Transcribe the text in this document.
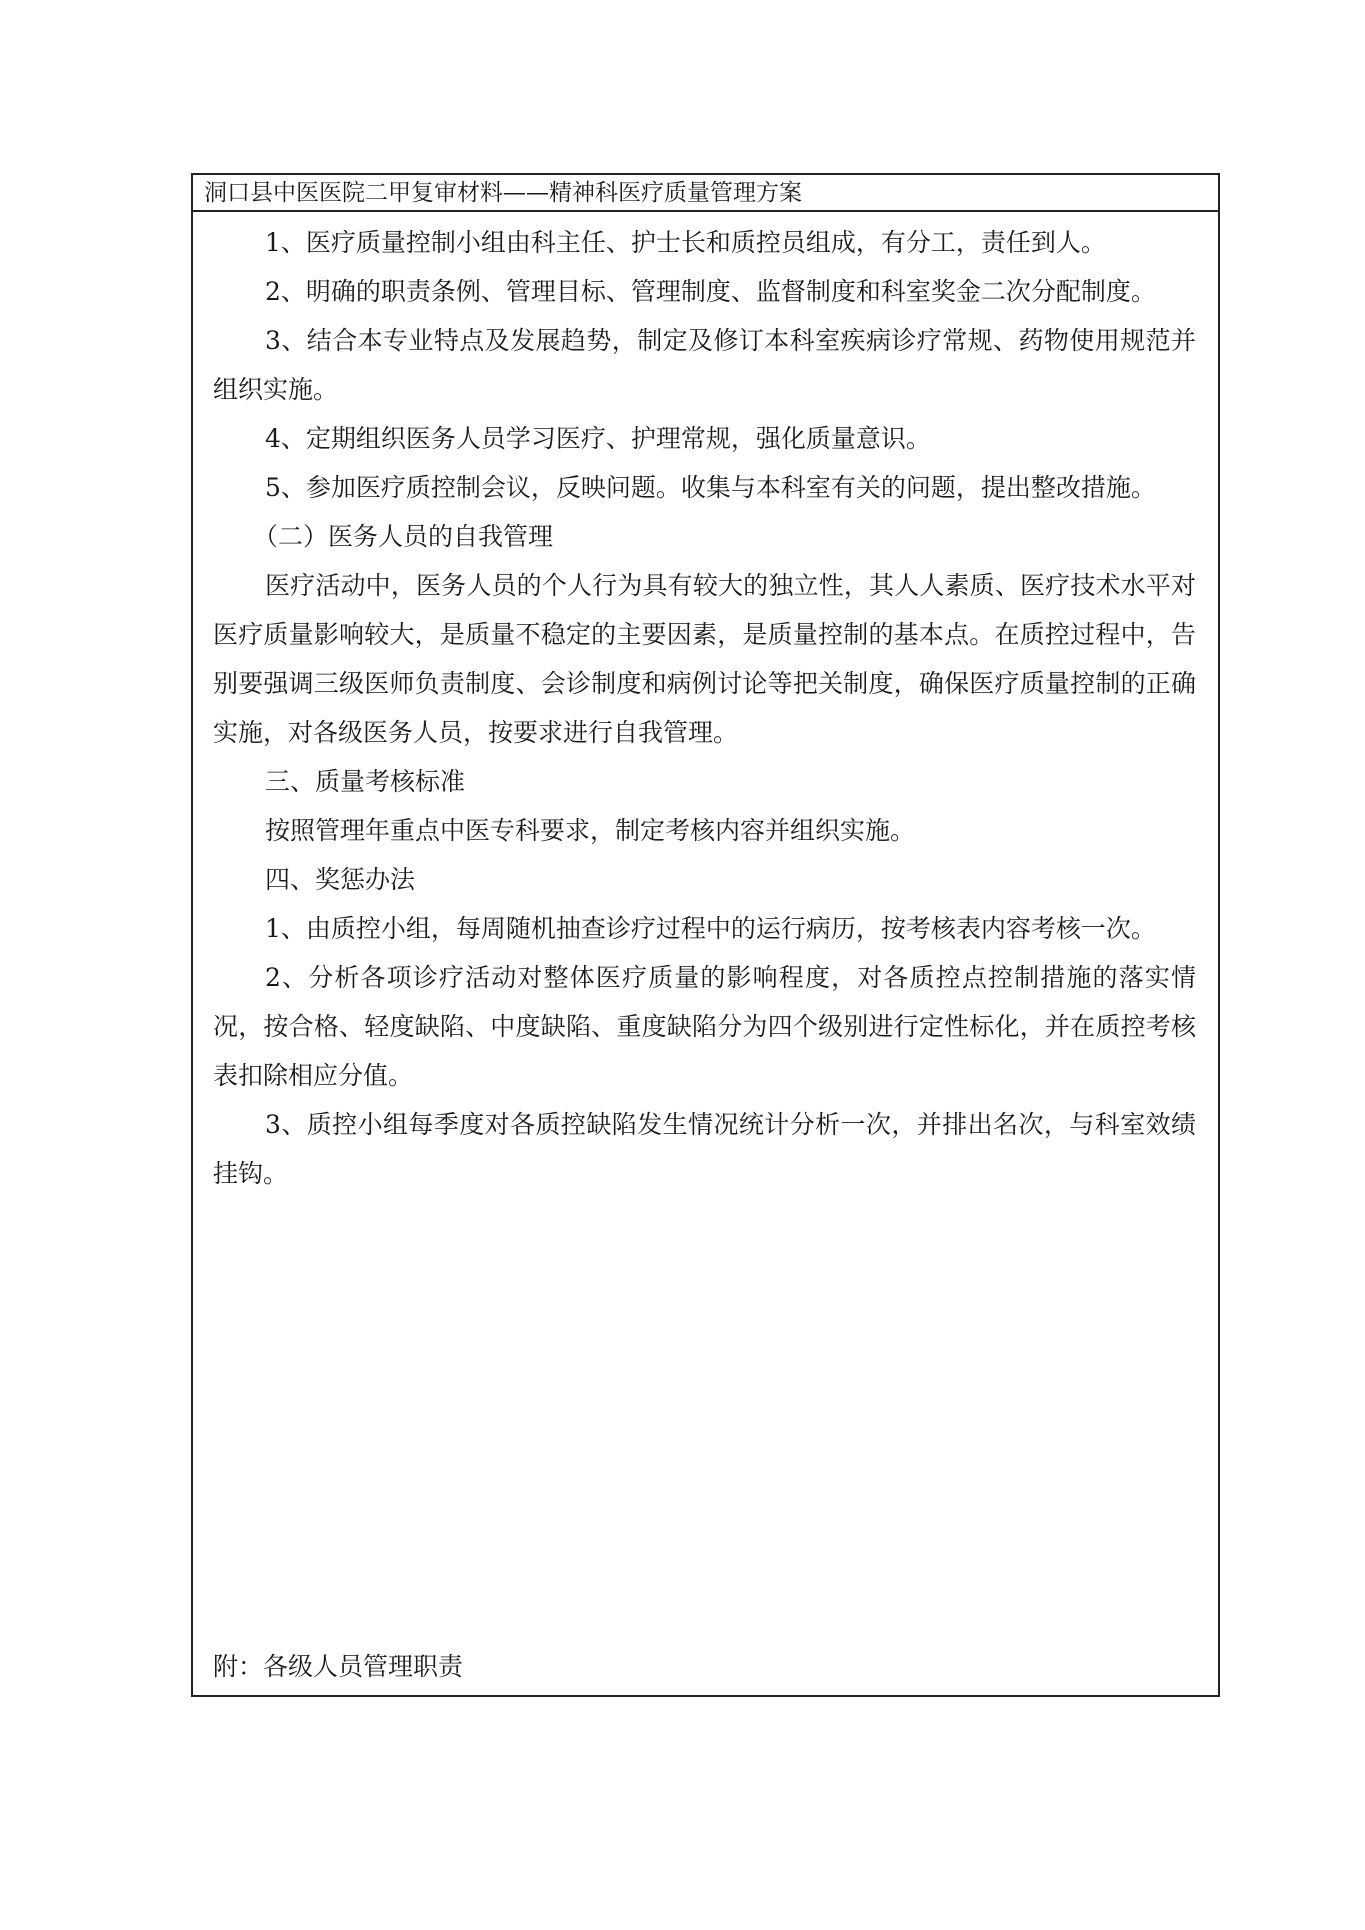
洞口县中医医院二甲复审材料——精神科医疗质量管理方案

1、医疗质量控制小组由科主任、护士长和质控员组成，有分工，责任到人。

2、明确的职责条例、管理目标、管理制度、监督制度和科室奖金二次分配制度。

3、结合本专业特点及发展趋势，制定及修订本科室疾病诊疗常规、药物使用规范并组织实施。

4、定期组织医务人员学习医疗、护理常规，强化质量意识。

5、参加医疗质控制会议，反映问题。收集与本科室有关的问题，提出整改措施。

（二）医务人员的自我管理

医疗活动中，医务人员的个人行为具有较大的独立性，其人人素质、医疗技术水平对医疗质量影响较大，是质量不稳定的主要因素，是质量控制的基本点。在质控过程中，告别要强调三级医师负责制度、会诊制度和病例讨论等把关制度，确保医疗质量控制的正确实施，对各级医务人员，按要求进行自我管理。

三、质量考核标准

按照管理年重点中医专科要求，制定考核内容并组织实施。

四、奖惩办法

1、由质控小组，每周随机抽查诊疗过程中的运行病历，按考核表内容考核一次。

2、分析各项诊疗活动对整体医疗质量的影响程度，对各质控点控制措施的落实情况，按合格、轻度缺陷、中度缺陷、重度缺陷分为四个级别进行定性标化，并在质控考核表扣除相应分值。

3、质控小组每季度对各质控缺陷发生情况统计分析一次，并排出名次，与科室效绩挂钩。

附：各级人员管理职责
